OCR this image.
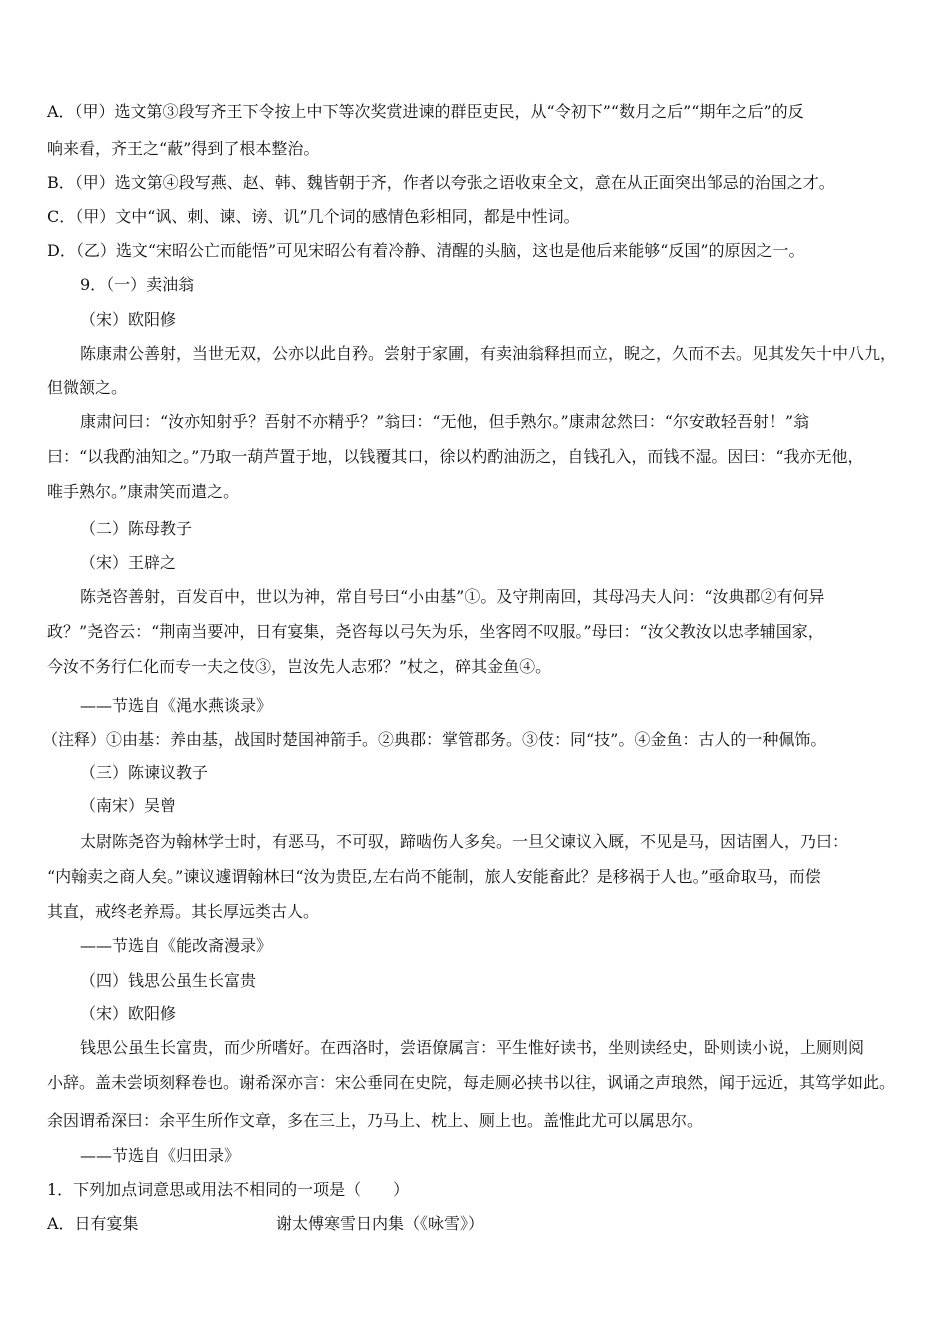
A．（甲）选文第③段写齐王下令按上中下等次奖赏进谏的群臣吏民，从“令初下”“数月之后”“期年之后”的反
响来看，齐王之“蔽”得到了根本整治。
B．（甲）选文第④段写燕、赵、韩、魏皆朝于齐，作者以夸张之语收束全文，意在从正面突出邹忌的治国之才。
C．（甲）文中“讽、刺、谏、谤、讥”几个词的感情色彩相同，都是中性词。
D．（乙）选文“宋昭公亡而能悟”可见宋昭公有着冷静、清醒的头脑，这也是他后来能够“反国”的原因之一。
9．（一）卖油翁
（宋）欧阳修
陈康肃公善射，当世无双，公亦以此自矜。尝射于家圃，有卖油翁释担而立，睨之，久而不去。见其发矢十中八九，
但微颔之。
康肃问曰：“汝亦知射乎？吾射不亦精乎？”翁曰：“无他，但手熟尔。”康肃忿然曰：“尔安敢轻吾射！”翁
曰：“以我酌油知之。”乃取一葫芦置于地，以钱覆其口，徐以杓酌油沥之，自钱孔入，而钱不湿。因曰：“我亦无他，
唯手熟尔。”康肃笑而遣之。
（二）陈母教子
（宋）王辟之
陈尧咨善射，百发百中，世以为神，常自号曰“小由基”①。及守荆南回，其母冯夫人问：“汝典郡②有何异
政？”尧咨云：“荆南当要冲，日有宴集，尧咨每以弓矢为乐，坐客罔不叹服。”母曰：“汝父教汝以忠孝辅国家，
今汝不务行仁化而专一夫之伎③，岂汝先人志邪？”杖之，碎其金鱼④。
——节选自《渑水燕谈录》
（注释）①由基：养由基，战国时楚国神箭手。②典郡：掌管郡务。③伎：同“技”。④金鱼：古人的一种佩饰。
（三）陈谏议教子
（南宋）吴曾
太尉陈尧咨为翰林学士时，有恶马，不可驭，蹄啮伤人多矣。一旦父谏议入厩，不见是马，因诘圉人，乃曰：
“内翰卖之商人矣。”谏议遽谓翰林曰“汝为贵臣,左右尚不能制，旅人安能畜此？是移祸于人也。”亟命取马，而偿
其直，戒终老养焉。其长厚远类古人。
——节选自《能改斋漫录》
（四）钱思公虽生长富贵
（宋）欧阳修
钱思公虽生长富贵，而少所嗜好。在西洛时，尝语僚属言：平生惟好读书，坐则读经史，卧则读小说，上厕则阅
小辞。盖未尝顷刻释卷也。谢希深亦言：宋公垂同在史院，每走厕必挟书以往，讽诵之声琅然，闻于远近，其笃学如此。
余因谓希深曰：余平生所作文章，多在三上，乃马上、枕上、厕上也。盖惟此尤可以属思尔。
——节选自《归田录》
1．下列加点词意思或用法不相同的一项是（　　）
A．日有宴集	谢太傅寒雪日内集（《咏雪》）
